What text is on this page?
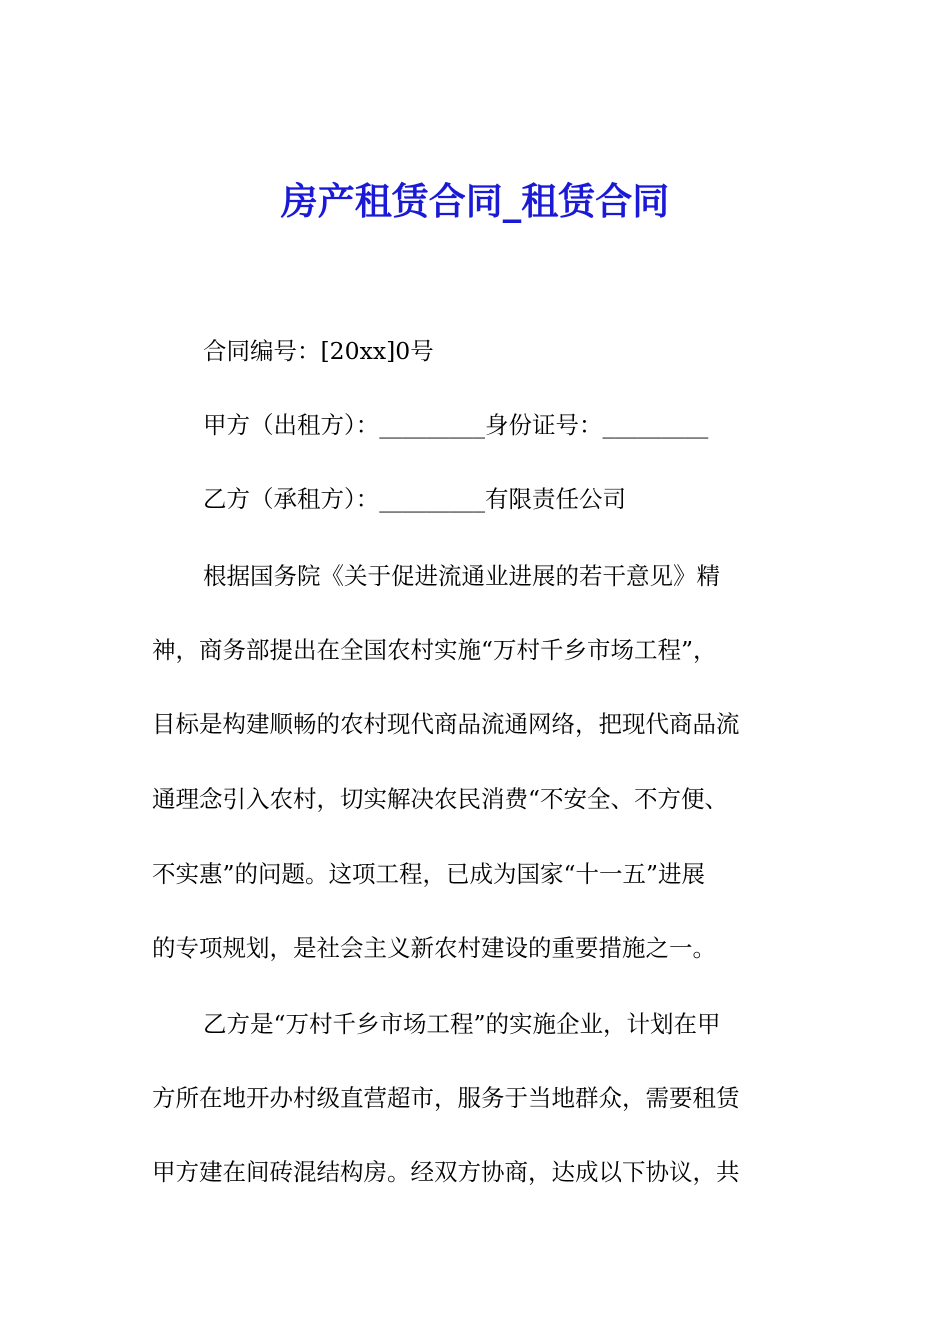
房产租赁合同_租赁合同
合同编号：[20xx]0号
甲方（出租方）：_________身份证号：_________
乙方（承租方）：_________有限责任公司
根据国务院《关于促进流通业进展的若干意见》精
神，商务部提出在全国农村实施“万村千乡市场工程”，
目标是构建顺畅的农村现代商品流通网络，把现代商品流
通理念引入农村，切实解决农民消费“不安全、不方便、
不实惠”的问题。这项工程，已成为国家“十一五”进展
的专项规划，是社会主义新农村建设的重要措施之一。
乙方是“万村千乡市场工程”的实施企业，计划在甲
方所在地开办村级直营超市，服务于当地群众，需要租赁
甲方建在间砖混结构房。经双方协商，达成以下协议，共
